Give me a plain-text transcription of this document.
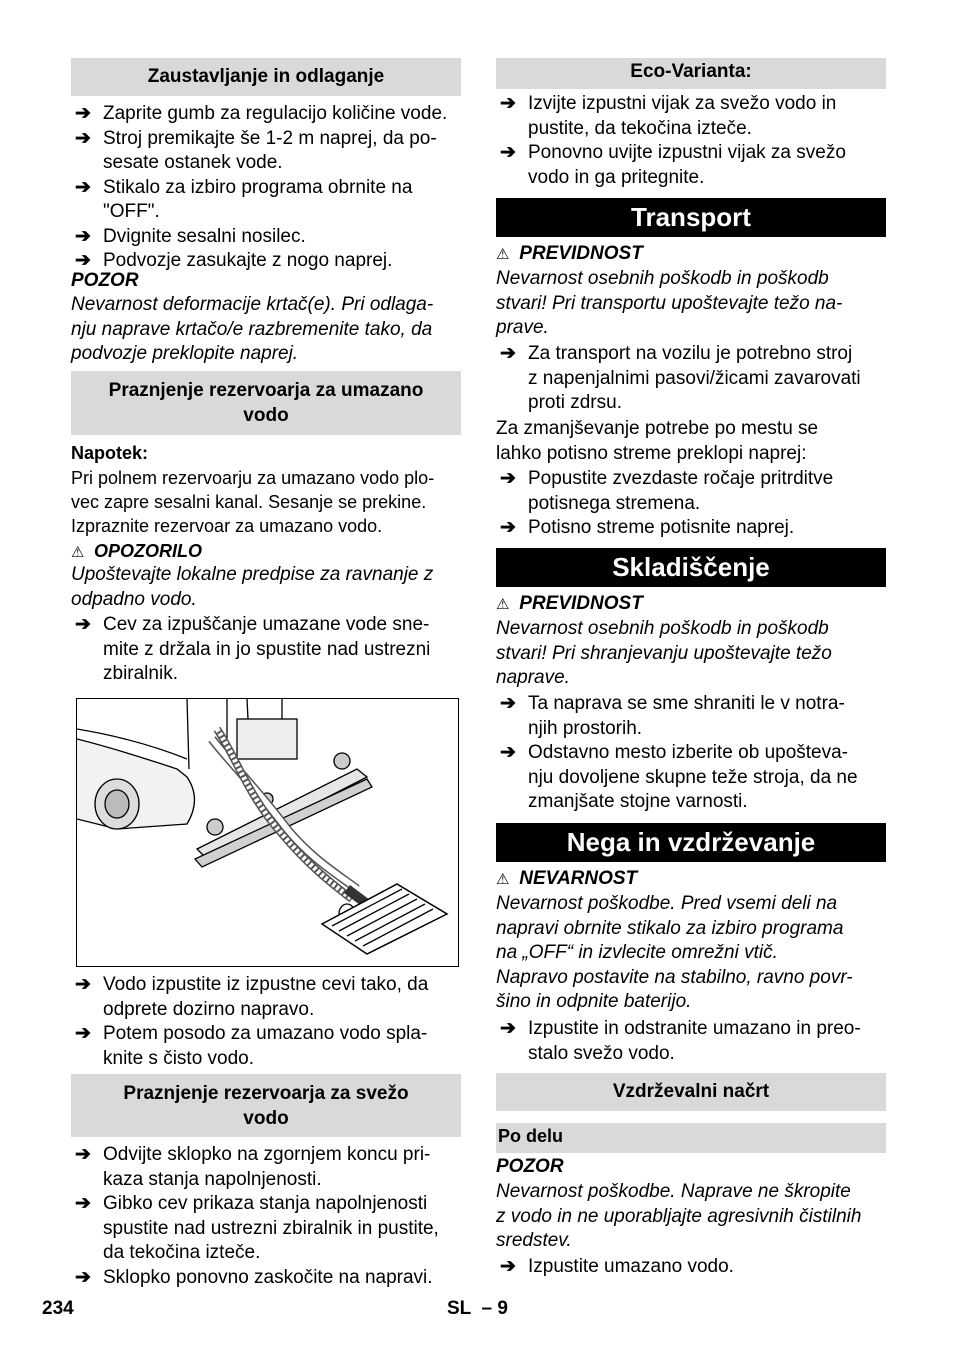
Zaustavljanje in odlaganje
➔ Zaprite gumb za regulacijo količine vode.
➔ Stroj premikajte še 1-2 m naprej, da po-
sesate ostanek vode.
➔ Stikalo za izbiro programa obrnite na
"OFF".
➔ Dvignite sesalni nosilec.
➔ Podvozje zasukajte z nogo naprej.
POZOR
Nevarnost deformacije krtač(e). Pri odlaga-
nju naprave krtačo/e razbremenite tako, da
podvozje preklopite naprej.
Praznjenje rezervoarja za umazano
vodo
Napotek:
Pri polnem rezervoarju za umazano vodo plo-
vec zapre sesalni kanal. Sesanje se prekine.
Izpraznite rezervoar za umazano vodo.
⚠ OPOZORILO
Upoštevajte lokalne predpise za ravnanje z
odpadno vodo.
➔ Cev za izpuščanje umazane vode sne-
mite z držala in jo spustite nad ustrezni
zbiralnik.
➔ Vodo izpustite iz izpustne cevi tako, da
odprete dozirno napravo.
➔ Potem posodo za umazano vodo spla-
knite s čisto vodo.
Praznjenje rezervoarja za svežo
vodo
➔ Odvijte sklopko na zgornjem koncu pri-
kaza stanja napolnjenosti.
➔ Gibko cev prikaza stanja napolnjenosti
spustite nad ustrezni zbiralnik in pustite,
da tekočina izteče.
➔ Sklopko ponovno zaskočite na napravi.
Eco-Varianta:
➔ Izvijte izpustni vijak za svežo vodo in
pustite, da tekočina izteče.
➔ Ponovno uvijte izpustni vijak za svežo
vodo in ga pritegnite.
Transport
⚠ PREVIDNOST
Nevarnost osebnih poškodb in poškodb
stvari! Pri transportu upoštevajte težo na-
prave.
➔ Za transport na vozilu je potrebno stroj
z napenjalnimi pasovi/žicami zavarovati
proti zdrsu.
Za zmanjševanje potrebe po mestu se
lahko potisno streme preklopi naprej:
➔ Popustite zvezdaste ročaje pritrditve
potisnega stremena.
➔ Potisno streme potisnite naprej.
Skladiščenje
⚠ PREVIDNOST
Nevarnost osebnih poškodb in poškodb
stvari! Pri shranjevanju upoštevajte težo
naprave.
➔ Ta naprava se sme shraniti le v notra-
njih prostorih.
➔ Odstavno mesto izberite ob upošteva-
nju dovoljene skupne teže stroja, da ne
zmanjšate stojne varnosti.
Nega in vzdrževanje
⚠ NEVARNOST
Nevarnost poškodbe. Pred vsemi deli na
napravi obrnite stikalo za izbiro programa
na „OFF“ in izvlecite omrežni vtič.
Napravo postavite na stabilno, ravno povr-
šino in odpnite baterijo.
➔ Izpustite in odstranite umazano in preo-
stalo svežo vodo.
Vzdrževalni načrt
Po delu
POZOR
Nevarnost poškodbe. Naprave ne škropite
z vodo in ne uporabljajte agresivnih čistilnih
sredstev.
➔ Izpustite umazano vodo.
234	SL  – 9
